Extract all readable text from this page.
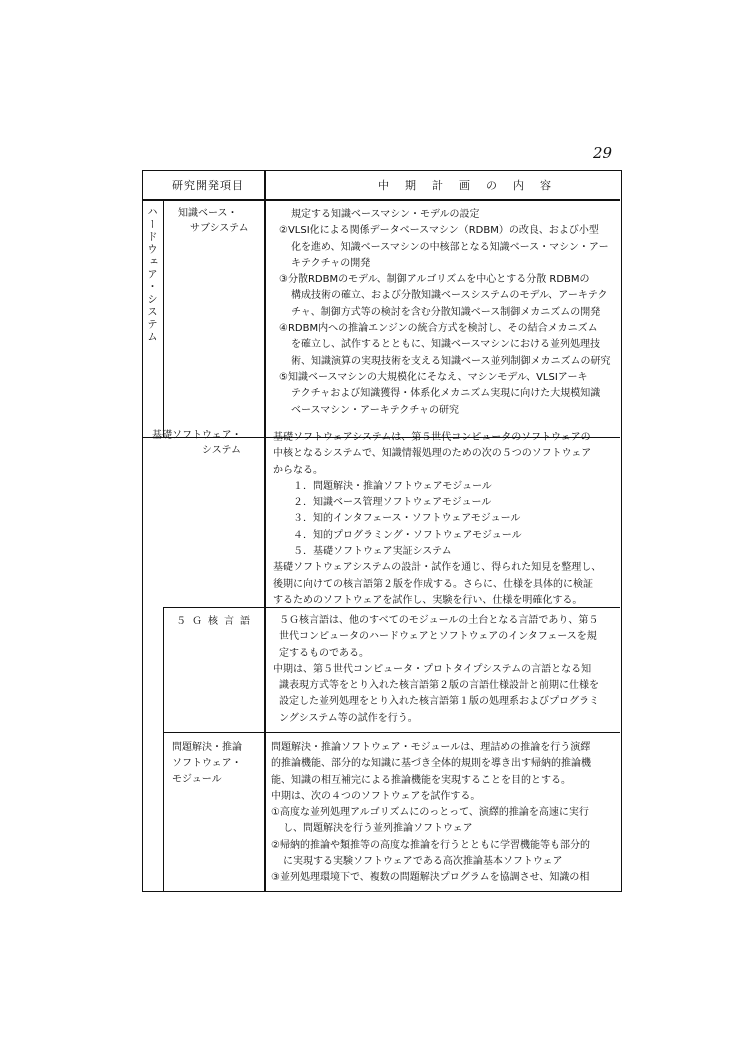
29
研究開発項目	中期計画の内容
ハードウェア・システム 知識ベース・
サブシステム
規定する知識ベースマシン・モデルの設定
②VLSI化による関係データベースマシン（RDBM）の改良、および小型
化を進め、知識ベースマシンの中核部となる知識ベース・マシン・アー
キテクチャの開発
③分散RDBMのモデル、制御アルゴリズムを中心とする分散 RDBMの
構成技術の確立、および分散知識ベースシステムのモデル、アーキテク
チャ、制御方式等の検討を含む分散知識ベース制御メカニズムの開発
④RDBM内への推論エンジンの統合方式を検討し、その結合メカニズム
を確立し、試作するとともに、知識ベースマシンにおける並列処理技
術、知識演算の実現技術を支える知識ベース並列制御メカニズムの研究
⑤知識ベースマシンの大規模化にそなえ、マシンモデル、VLSIアーキ
テクチャおよび知識獲得・体系化メカニズム実現に向けた大規模知識
ベースマシン・アーキテクチャの研究
基礎ソフトウェア・
システム
基礎ソフトウェアシステムは、第５世代コンピュータのソフトウェアの
中核となるシステムで、知識情報処理のための次の５つのソフトウェア
からなる。
１．問題解決・推論ソフトウェアモジュール
２．知識ベース管理ソフトウェアモジュール
３．知的インタフェース・ソフトウェアモジュール
４．知的プログラミング・ソフトウェアモジュール
５．基礎ソフトウェア実証システム
基礎ソフトウェアシステムの設計・試作を通じ、得られた知見を整理し、
後期に向けての核言語第２版を作成する。さらに、仕様を具体的に検証
するためのソフトウェアを試作し、実験を行い、仕様を明確化する。
５Ｇ核言語	５Ｇ核言語は、他のすべてのモジュールの土台となる言語であり、第５
世代コンピュータのハードウェアとソフトウェアのインタフェースを規
定するものである。
中期は、第５世代コンピュータ・プロトタイプシステムの言語となる知
識表現方式等をとり入れた核言語第２版の言語仕様設計と前期に仕様を
設定した並列処理をとり入れた核言語第１版の処理系およびプログラミ
ングシステム等の試作を行う。
問題解決・推論
ソフトウェア・
モジュール
問題解決・推論ソフトウェア・モジュールは、理詰めの推論を行う演繹
的推論機能、部分的な知識に基づき全体的規則を導き出す帰納的推論機
能、知識の相互補完による推論機能を実現することを目的とする。
中期は、次の４つのソフトウェアを試作する。
①高度な並列処理アルゴリズムにのっとって、演繹的推論を高速に実行
し、問題解決を行う並列推論ソフトウェア
②帰納的推論や類推等の高度な推論を行うとともに学習機能等も部分的
に実現する実験ソフトウェアである高次推論基本ソフトウェア
③並列処理環境下で、複数の問題解決プログラムを協調させ、知識の相
